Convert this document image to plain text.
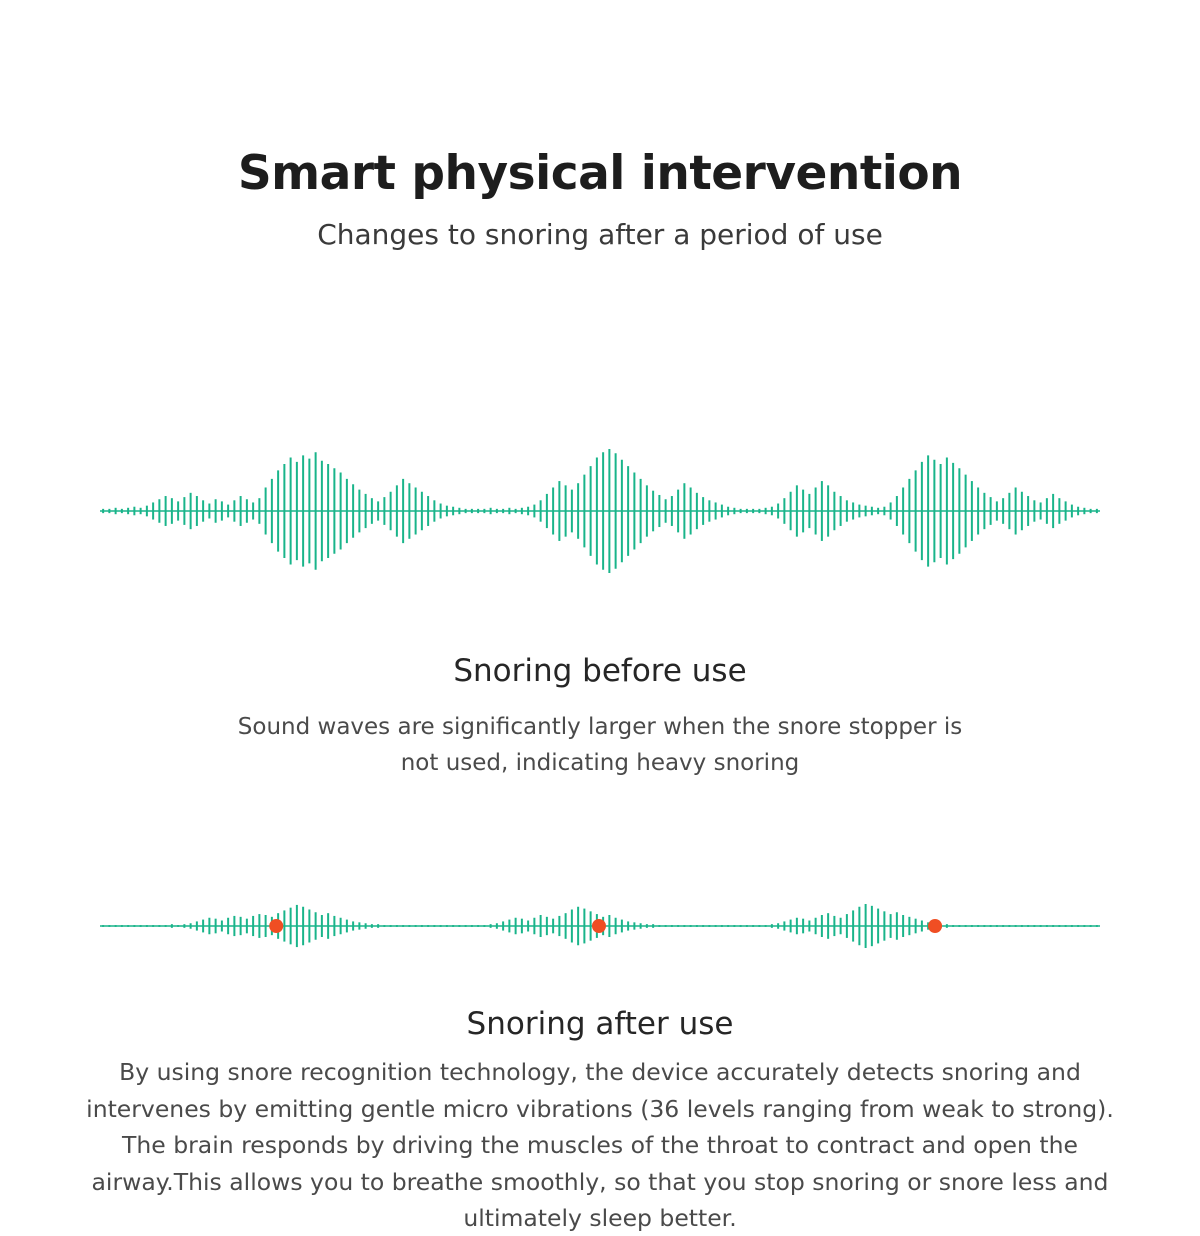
Smart physical intervention
Changes to snoring after a period of use
Snoring before use
Sound waves are significantly larger when the snore stopper is not used, indicating heavy snoring
Snoring after use
By using snore recognition technology, the device accurately detects snoring and intervenes by emitting gentle micro vibrations (36 levels ranging from weak to strong). The brain responds by driving the muscles of the throat to contract and open the airway.This allows you to breathe smoothly, so that you stop snoring or snore less and ultimately sleep better.
